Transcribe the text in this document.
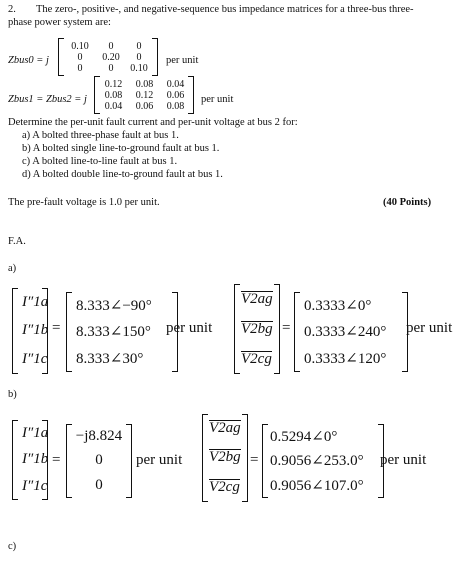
2. The zero-, positive-, and negative-sequence bus impedance matrices for a three-bus three-
phase power system are:
Zbus0 = j
0.10	0	0
0	0.20	0
0	0	0.10
per unit
Zbus1 = Zbus2 = j
0.12	0.08	0.04
0.08	0.12	0.06
0.04	0.06	0.08
per unit
Determine the per-unit fault current and per-unit voltage at bus 2 for:
a) A bolted three-phase fault at bus 1.
b) A bolted single line-to-ground fault at bus 1.
c) A bolted line-to-line fault at bus 1.
d) A bolted double line-to-ground fault at bus 1.
The pre-fault voltage is 1.0 per unit.	(40 Points)
F.A.
a)
I″1a
I″1b
I″1c
=
8.333∠−90°
8.333∠150°
8.333∠30°
per unit
V2ag
V2bg
V2cg
=
0.3333∠0°
0.3333∠240°
0.3333∠120°
per unit
b)
I″1a
I″1b
I″1c
=
−j8.824
0
0
per unit
V2ag
V2bg
V2cg
=
0.5294∠0°
0.9056∠253.0°
0.9056∠107.0°
per unit
c)
